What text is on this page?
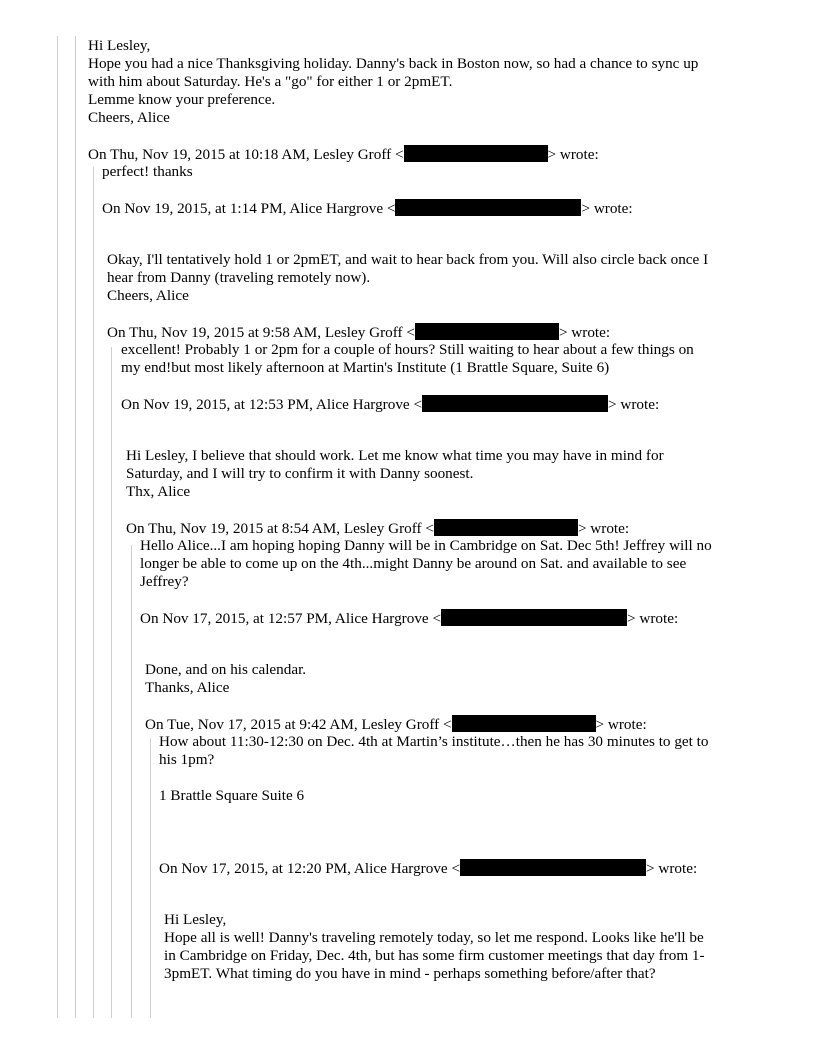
Hi Lesley,
Hope you had a nice Thanksgiving holiday. Danny's back in Boston now, so had a chance to sync up
with him about Saturday. He's a "go" for either 1 or 2pmET.
Lemme know your preference.
Cheers, Alice
On Thu, Nov 19, 2015 at 10:18 AM, Lesley Groff <	> wrote:
perfect! thanks
On Nov 19, 2015, at 1:14 PM, Alice Hargrove <	> wrote:
Okay, I'll tentatively hold 1 or 2pmET, and wait to hear back from you. Will also circle back once I
hear from Danny (traveling remotely now).
Cheers, Alice
On Thu, Nov 19, 2015 at 9:58 AM, Lesley Groff <	> wrote:
excellent! Probably 1 or 2pm for a couple of hours? Still waiting to hear about a few things on
my end!but most likely afternoon at Martin's Institute (1 Brattle Square, Suite 6)
On Nov 19, 2015, at 12:53 PM, Alice Hargrove <	> wrote:
Hi Lesley, I believe that should work. Let me know what time you may have in mind for
Saturday, and I will try to confirm it with Danny soonest.
Thx, Alice
On Thu, Nov 19, 2015 at 8:54 AM, Lesley Groff <	> wrote:
Hello Alice...I am hoping hoping Danny will be in Cambridge on Sat. Dec 5th! Jeffrey will no
longer be able to come up on the 4th...might Danny be around on Sat. and available to see
Jeffrey?
On Nov 17, 2015, at 12:57 PM, Alice Hargrove <	> wrote:
Done, and on his calendar.
Thanks, Alice
On Tue, Nov 17, 2015 at 9:42 AM, Lesley Groff <	> wrote:
How about 11:30-12:30 on Dec. 4th at Martin’s institute…then he has 30 minutes to get to
his 1pm?
1 Brattle Square Suite 6
On Nov 17, 2015, at 12:20 PM, Alice Hargrove <	> wrote:
Hi Lesley,
Hope all is well! Danny's traveling remotely today, so let me respond. Looks like he'll be
in Cambridge on Friday, Dec. 4th, but has some firm customer meetings that day from 1-
3pmET. What timing do you have in mind - perhaps something before/after that?
